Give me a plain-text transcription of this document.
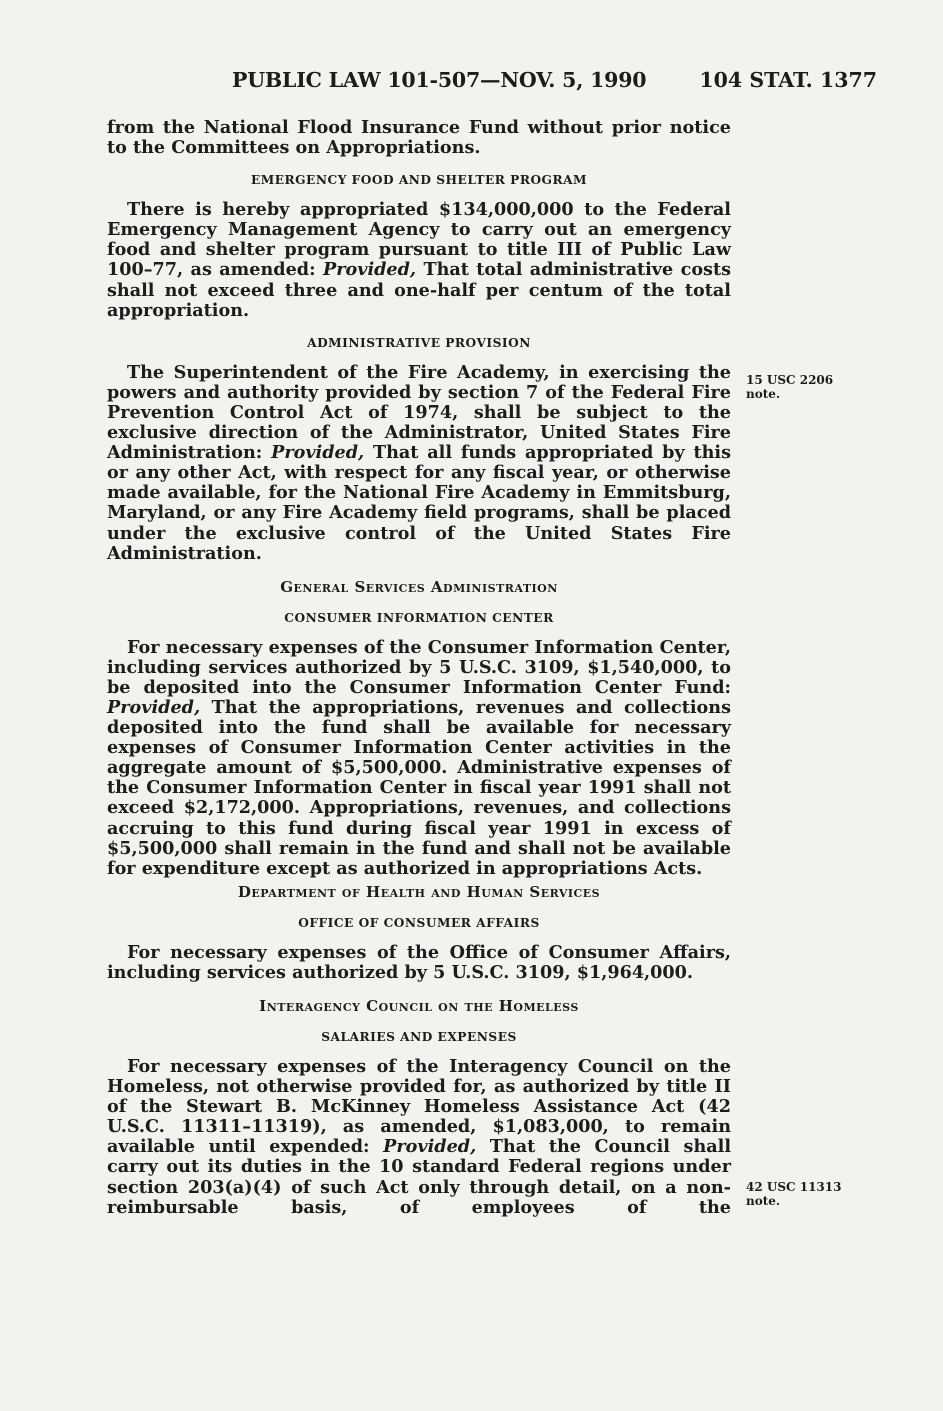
PUBLIC LAW 101-507—NOV. 5, 1990	104 STAT. 1377

from the National Flood Insurance Fund without prior notice to the Committees on Appropriations.

EMERGENCY FOOD AND SHELTER PROGRAM

There is hereby appropriated $134,000,000 to the Federal Emergency Management Agency to carry out an emergency food and shelter program pursuant to title III of Public Law 100–77, as amended: Provided, That total administrative costs shall not exceed three and one-half per centum of the total appropriation.

ADMINISTRATIVE PROVISION

The Superintendent of the Fire Academy, in exercising the powers and authority provided by section 7 of the Federal Fire Prevention Control Act of 1974, shall be subject to the exclusive direction of the Administrator, United States Fire Administration: Provided, That all funds appropriated by this or any other Act, with respect for any fiscal year, or otherwise made available, for the National Fire Academy in Emmitsburg, Maryland, or any Fire Academy field programs, shall be placed under the exclusive control of the United States Fire Administration.

General Services Administration
CONSUMER INFORMATION CENTER

For necessary expenses of the Consumer Information Center, including services authorized by 5 U.S.C. 3109, $1,540,000, to be deposited into the Consumer Information Center Fund: Provided, That the appropriations, revenues and collections deposited into the fund shall be available for necessary expenses of Consumer Information Center activities in the aggregate amount of $5,500,000. Administrative expenses of the Consumer Information Center in fiscal year 1991 shall not exceed $2,172,000. Appropriations, revenues, and collections accruing to this fund during fiscal year 1991 in excess of $5,500,000 shall remain in the fund and shall not be available for expenditure except as authorized in appropriations Acts.

Department of Health and Human Services
OFFICE OF CONSUMER AFFAIRS

For necessary expenses of the Office of Consumer Affairs, including services authorized by 5 U.S.C. 3109, $1,964,000.

Interagency Council on the Homeless
SALARIES AND EXPENSES

For necessary expenses of the Interagency Council on the Homeless, not otherwise provided for, as authorized by title II of the Stewart B. McKinney Homeless Assistance Act (42 U.S.C. 11311–11319), as amended, $1,083,000, to remain available until expended: Provided, That the Council shall carry out its duties in the 10 standard Federal regions under section 203(a)(4) of such Act only through detail, on a non-reimbursable basis, of employees of the

15 USC 2206
note.
42 USC 11313
note.
